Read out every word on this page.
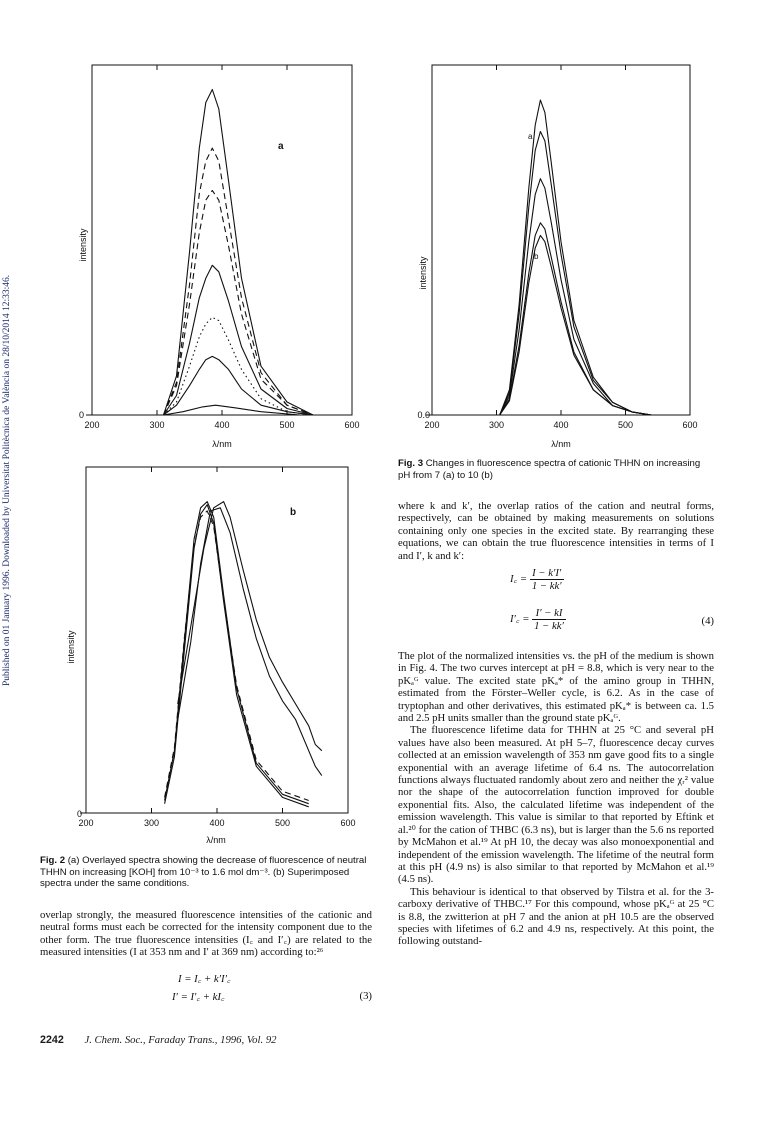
Published on 01 January 1996. Downloaded by Universitat Politècnica de València on 28/10/2014 12:33:46.
a
intensity
0
200	300	400	500	600
λ/nm
b
intensity
0
200	300	400	500	600
λ/nm
a
b
intensity
0.0
200	300	400	500	600
λ/nm
Fig. 3 Changes in fluorescence spectra of cationic THHN on increasing pH from 7 (a) to 10 (b)
Fig. 2 (a) Overlayed spectra showing the decrease of fluorescence of neutral THHN on increasing [KOH] from 10⁻³ to 1.6 mol dm⁻³. (b) Superimposed spectra under the same conditions.

overlap strongly, the measured fluorescence intensities of the cationic and neutral forms must each be corrected for the intensity component due to the other form. The true fluorescence intensities (I꜀ and I′꜀) are related to the measured intensities (I at 353 nm and I′ at 369 nm) according to:²⁶

I = I꜀ + k′I′꜀
I′ = I′꜀ + kI꜀	(3)

where k and k′, the overlap ratios of the cation and neutral forms, respectively, can be obtained by making measurements on solutions containing only one species in the excited state. By rearranging these equations, we can obtain the true fluorescence intensities in terms of I and I′, k and k′:

I꜀ = $\frac{I - k'I'}{1 - kk'}$
I′꜀ = $\frac{I' - kI}{1 - kk'}$	(4)

The plot of the normalized intensities vs. the pH of the medium is shown in Fig. 4. The two curves intercept at pH = 8.8, which is very near to the pKₐᴳ value. The excited state pKₐ* of the amino group in THHN, estimated from the Förster–Weller cycle, is 6.2. As in the case of tryptophan and other derivatives, this estimated pKₐ* is between ca. 1.5 and 2.5 pH units smaller than the ground state pKₐᴳ.

The fluorescence lifetime data for THHN at 25 °C and several pH values have also been measured. At pH 5–7, fluorescence decay curves collected at an emission wavelength of 353 nm gave good fits to a single exponential with an average lifetime of 6.4 ns. The autocorrelation functions always fluctuated randomly about zero and neither the χᵣ² value nor the shape of the autocorrelation function improved for double exponential fits. Also, the calculated lifetime was independent of the emission wavelength. This value is similar to that reported by Eftink et al.²⁰ for the cation of THBC (6.3 ns), but is larger than the 5.6 ns reported by McMahon et al.¹⁹ At pH 10, the decay was also monoexponential and independent of the emission wavelength. The lifetime of the neutral form at this pH (4.9 ns) is also similar to that reported by McMahon et al.¹⁹ (4.5 ns).

This behaviour is identical to that observed by Tilstra et al. for the 3-carboxy derivative of THBC.¹⁷ For this compound, whose pKₐᴳ at 25 °C is 8.8, the zwitterion at pH 7 and the anion at pH 10.5 are the observed species with lifetimes of 6.2 and 4.9 ns, respectively. At this point, the following outstand-

2242 J. Chem. Soc., Faraday Trans., 1996, Vol. 92
